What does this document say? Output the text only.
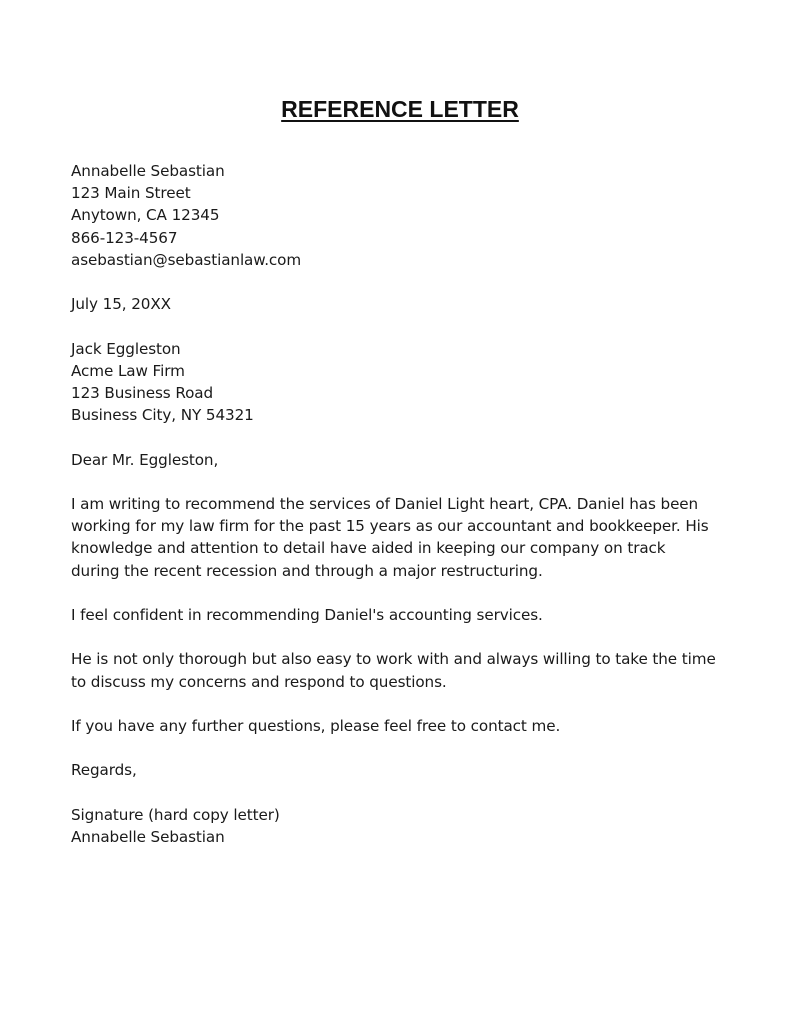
REFERENCE LETTER
Annabelle Sebastian
123 Main Street
Anytown, CA 12345
866-123-4567
asebastian@sebastianlaw.com
July 15, 20XX
Jack Eggleston
Acme Law Firm
123 Business Road
Business City, NY 54321
Dear Mr. Eggleston,
I am writing to recommend the services of Daniel Light heart, CPA. Daniel has been
working for my law firm for the past 15 years as our accountant and bookkeeper. His
knowledge and attention to detail have aided in keeping our company on track
during the recent recession and through a major restructuring.
I feel confident in recommending Daniel's accounting services.
He is not only thorough but also easy to work with and always willing to take the time
to discuss my concerns and respond to questions.
If you have any further questions, please feel free to contact me.
Regards,
Signature (hard copy letter)
Annabelle Sebastian
